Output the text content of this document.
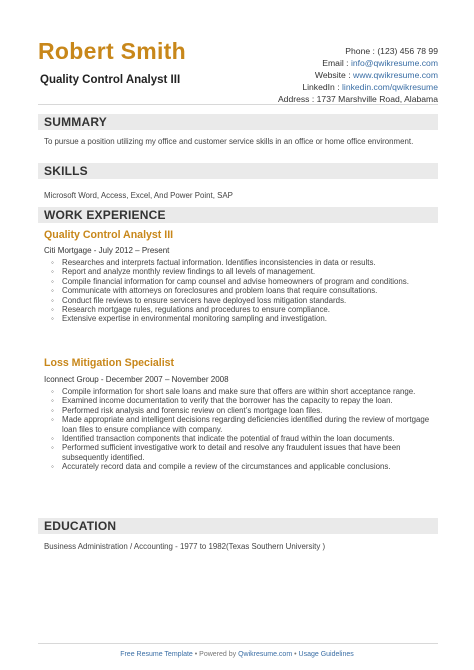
Robert Smith
Quality Control Analyst III
Phone : (123) 456 78 99
Email : info@qwikresume.com
Website : www.qwikresume.com
LinkedIn : linkedin.com/qwikresume
Address : 1737 Marshville Road, Alabama
SUMMARY
To pursue a position utilizing my office and customer service skills in an office or home office environment.
SKILLS
Microsoft Word, Access, Excel, And Power Point, SAP
WORK EXPERIENCE
Quality Control Analyst III
Citi Mortgage - July 2012 – Present
◦ Researches and interprets factual information. Identifies inconsistencies in data or results.
◦ Report and analyze monthly review findings to all levels of management.
◦ Compile financial information for camp counsel and advise homeowners of program and conditions.
◦ Communicate with attorneys on foreclosures and problem loans that require consultations.
◦ Conduct file reviews to ensure servicers have deployed loss mitigation standards.
◦ Research mortgage rules, regulations and procedures to ensure compliance.
◦ Extensive expertise in environmental monitoring sampling and investigation.
Loss Mitigation Specialist
Iconnect Group - December 2007 – November 2008
◦ Compile information for short sale loans and make sure that offers are within short acceptance range.
◦ Examined income documentation to verify that the borrower has the capacity to repay the loan.
◦ Performed risk analysis and forensic review on client’s mortgage loan files.
◦ Made appropriate and intelligent decisions regarding deficiencies identified during the review of mortgage loan files to ensure compliance with company.
◦ Identified transaction components that indicate the potential of fraud within the loan documents.
◦ Performed sufficient investigative work to detail and resolve any fraudulent issues that have been subsequently identified.
◦ Accurately record data and compile a review of the circumstances and applicable conclusions.
EDUCATION
Business Administration / Accounting - 1977 to 1982(Texas Southern University )
Free Resume Template • Powered by Qwikresume.com • Usage Guidelines
